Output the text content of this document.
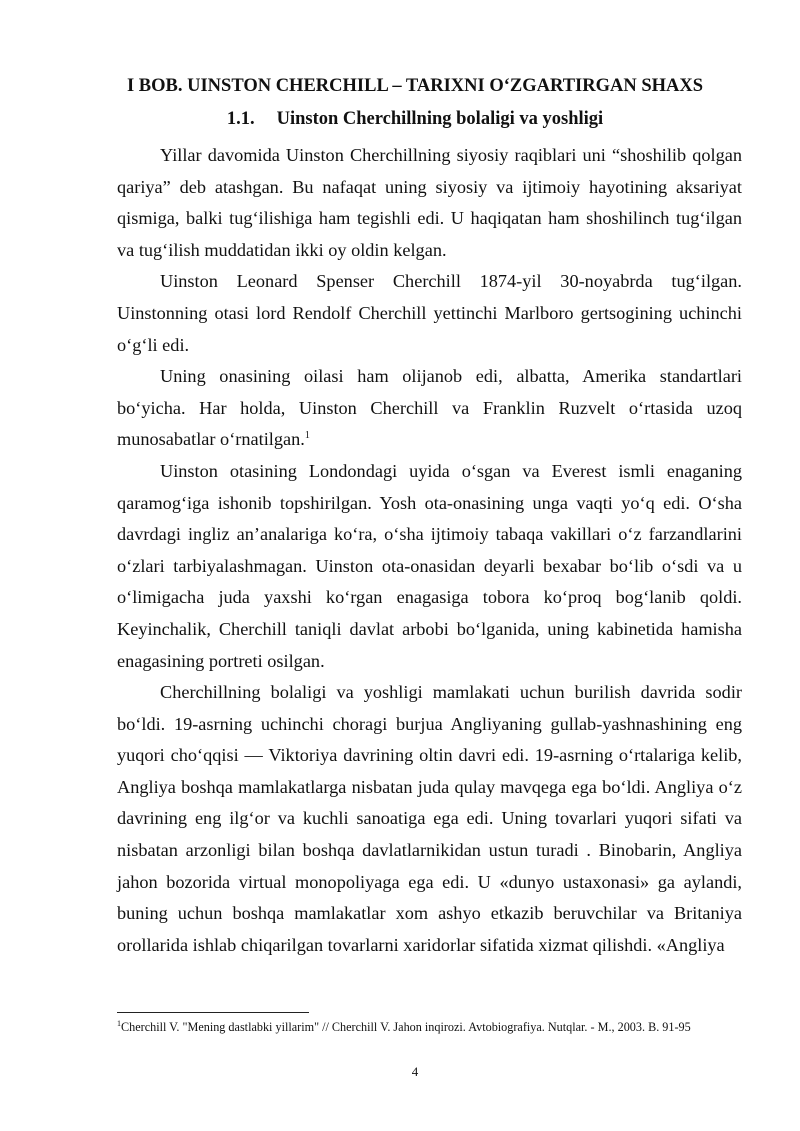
I BOB. UINSTON CHERCHILL – TARIXNI O‘ZGARTIRGAN SHAXS
1.1. Uinston Cherchillning bolaligi va yoshligi

Yillar davomida Uinston Cherchillning siyosiy raqiblari uni “shoshilib qolgan qariya” deb atashgan. Bu nafaqat uning siyosiy va ijtimoiy hayotining aksariyat qismiga, balki tug‘ilishiga ham tegishli edi. U haqiqatan ham shoshilinch tug‘ilgan va tug‘ilish muddatidan ikki oy oldin kelgan.

Uinston Leonard Spenser Cherchill 1874-yil 30-noyabrda tug‘ilgan. Uinstonning otasi lord Rendolf Cherchill yettinchi Marlboro gertsogining uchinchi o‘g‘li edi.

Uning onasining oilasi ham olijanob edi, albatta, Amerika standartlari bo‘yicha. Har holda, Uinston Cherchill va Franklin Ruzvelt o‘rtasida uzoq munosabatlar o‘rnatilgan.$^1$

Uinston otasining Londondagi uyida o‘sgan va Everest ismli enaganing qaramog‘iga ishonib topshirilgan. Yosh ota-onasining unga vaqti yo‘q edi. O‘sha davrdagi ingliz an’analariga ko‘ra, o‘sha ijtimoiy tabaqa vakillari o‘z farzandlarini o‘zlari tarbiyalashmagan. Uinston ota-onasidan deyarli bexabar bo‘lib o‘sdi va u o‘limigacha juda yaxshi ko‘rgan enagasiga tobora ko‘proq bog‘lanib qoldi. Keyinchalik, Cherchill taniqli davlat arbobi bo‘lganida, uning kabinetida hamisha enagasining portreti osilgan.

Cherchillning bolaligi va yoshligi mamlakati uchun burilish davrida sodir bo‘ldi. 19-asrning uchinchi choragi burjua Angliyaning gullab-yashnashining eng yuqori cho‘qqisi — Viktoriya davrining oltin davri edi. 19-asrning o‘rtalariga kelib, Angliya boshqa mamlakatlarga nisbatan juda qulay mavqega ega bo‘ldi. Angliya o‘z davrining eng ilg‘or va kuchli sanoatiga ega edi. Uning tovarlari yuqori sifati va nisbatan arzonligi bilan boshqa davlatlarnikidan ustun turadi . Binobarin, Angliya jahon bozorida virtual monopoliyaga ega edi. U «dunyo ustaxonasi» ga aylandi, buning uchun boshqa mamlakatlar xom ashyo etkazib beruvchilar va Britaniya orollarida ishlab chiqarilgan tovarlarni xaridorlar sifatida xizmat qilishdi. «Angliya

$^1$Cherchill V. "Mening dastlabki yillarim" // Cherchill V. Jahon inqirozi. Avtobiografiya. Nutqlar. - M., 2003. B. 91-95
4
